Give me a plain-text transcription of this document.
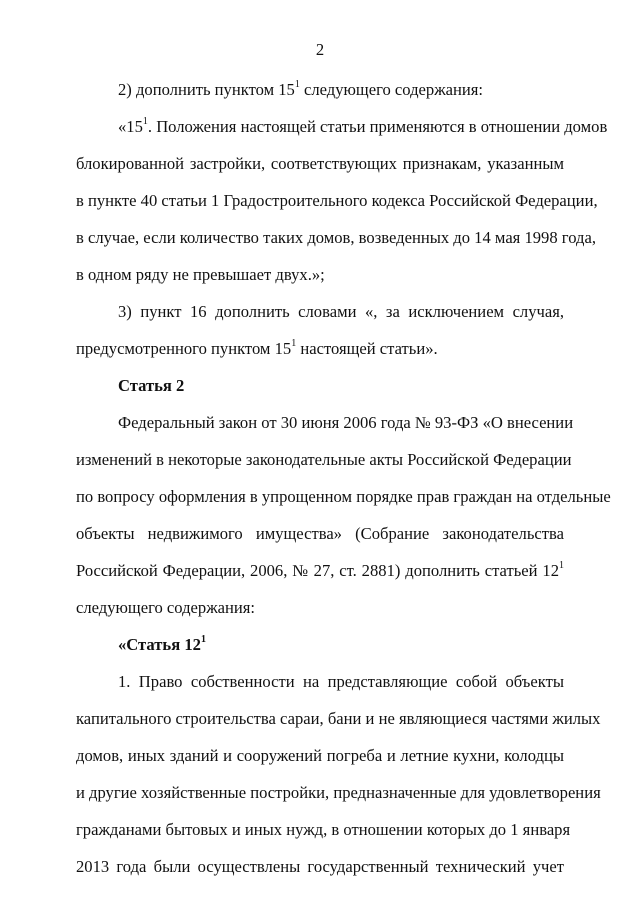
2
2) дополнить пунктом $15^1$ следующего содержания:
«$15^1$. Положения настоящей статьи применяются в отношении домов
блокированной застройки, соответствующих признакам, указанным
в пункте 40 статьи 1 Градостроительного кодекса Российской Федерации,
в случае, если количество таких домов, возведенных до 14 мая 1998 года,
в одном ряду не превышает двух.»;
3) пункт 16 дополнить словами «, за исключением случая,
предусмотренного пунктом $15^1$ настоящей статьи».
Статья 2
Федеральный закон от 30 июня 2006 года № 93-ФЗ «О внесении
изменений в некоторые законодательные акты Российской Федерации
по вопросу оформления в упрощенном порядке прав граждан на отдельные
объекты недвижимого имущества» (Собрание законодательства
Российской Федерации, 2006, № 27, ст. 2881) дополнить статьей $12^1$
следующего содержания:
«Статья $12^1$
1. Право собственности на представляющие собой объекты
капитального строительства сараи, бани и не являющиеся частями жилых
домов, иных зданий и сооружений погреба и летние кухни, колодцы
и другие хозяйственные постройки, предназначенные для удовлетворения
гражданами бытовых и иных нужд, в отношении которых до 1 января
2013 года были осуществлены государственный технический учет
